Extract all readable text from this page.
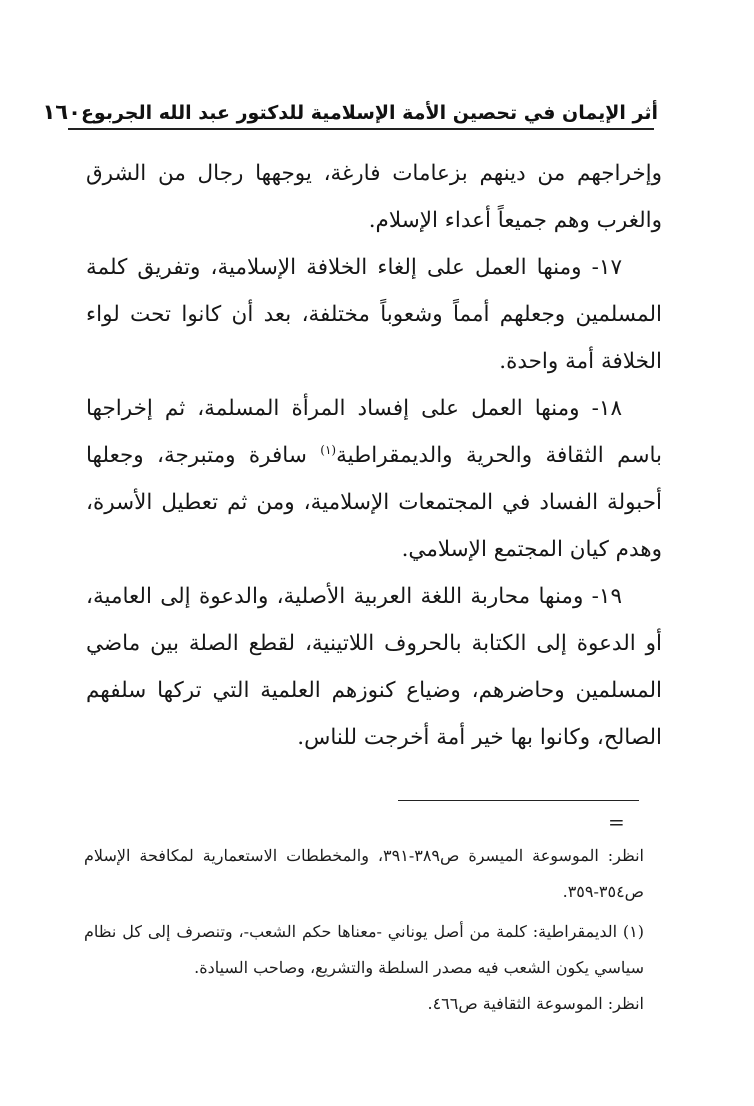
أثر الإيمان في تحصين الأمة الإسلامية للدكتور عبد الله الجربوع
١٦٠

وإخراجهم من دينهم بزعامات فارغة، يوجهها رجال من الشرق والغرب وهم جميعاً أعداء الإسلام.

١٧- ومنها العمل على إلغاء الخلافة الإسلامية، وتفريق كلمة المسلمين وجعلهم أمماً وشعوباً مختلفة، بعد أن كانوا تحت لواء الخلافة أمة واحدة.

١٨- ومنها العمل على إفساد المرأة المسلمة، ثم إخراجها باسم الثقافة والحرية والديمقراطية$^{(١)}$ سافرة ومتبرجة، وجعلها أحبولة الفساد في المجتمعات الإسلامية، ومن ثم تعطيل الأسرة، وهدم كيان المجتمع الإسلامي.

١٩- ومنها محاربة اللغة العربية الأصلية، والدعوة إلى العامية، أو الدعوة إلى الكتابة بالحروف اللاتينية، لقطع الصلة بين ماضي المسلمين وحاضرهم، وضياع كنوزهم العلمية التي تركها سلفهم الصالح، وكانوا بها خير أمة أخرجت للناس.

=

انظر: الموسوعة الميسرة ص٣٨٩-٣٩١، والمخططات الاستعمارية لمكافحة الإسلام ص٣٥٤-٣٥٩.

(١) الديمقراطية: كلمة من أصل يوناني -معناها حكم الشعب-، وتنصرف إلى كل نظام سياسي يكون الشعب فيه مصدر السلطة والتشريع، وصاحب السيادة.

انظر: الموسوعة الثقافية ص٤٦٦.
